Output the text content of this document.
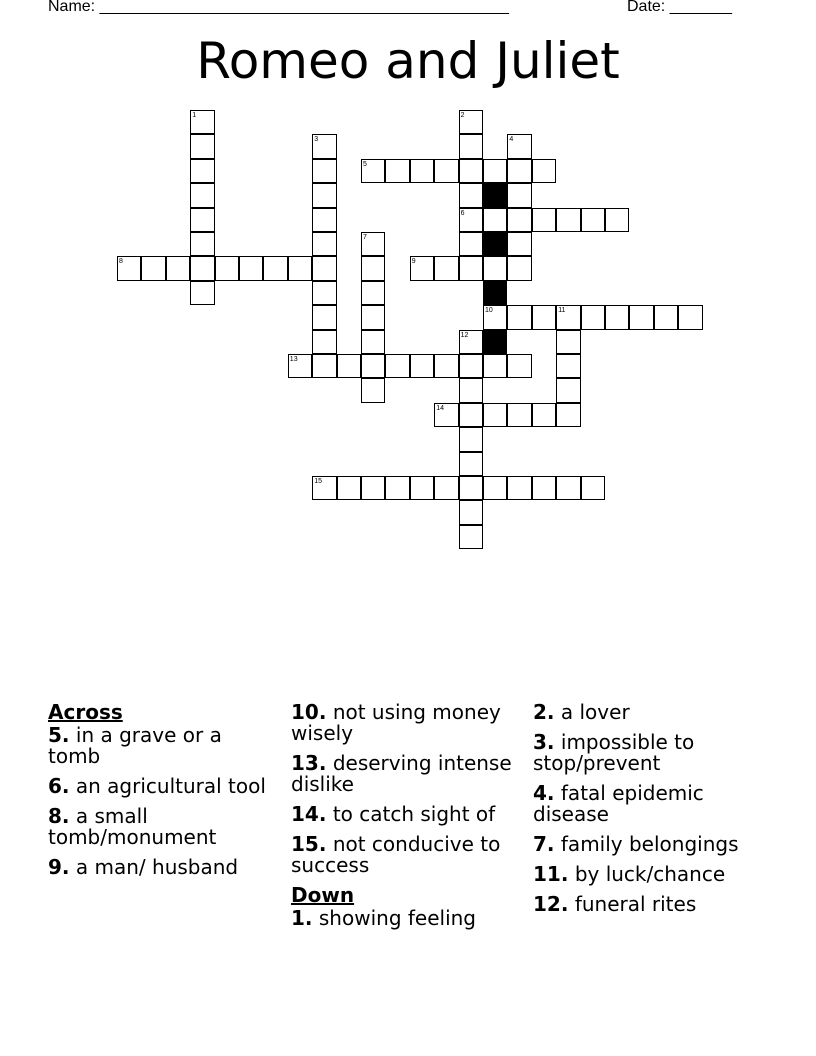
Name: ______________________________________________	Date: _______
Romeo and Juliet
1	2
3	4
5
6
7
8	9
10	11
12
13
14
15
Across
5. in a grave or a tomb
6. an agricultural tool
8. a small tomb/monument
9. a man/ husband
10. not using money wisely
13. deserving intense dislike
14. to catch sight of
15. not conducive to success
Down
1. showing feeling
2. a lover
3. impossible to stop/prevent
4. fatal epidemic disease
7. family belongings
11. by luck/chance
12. funeral rites
